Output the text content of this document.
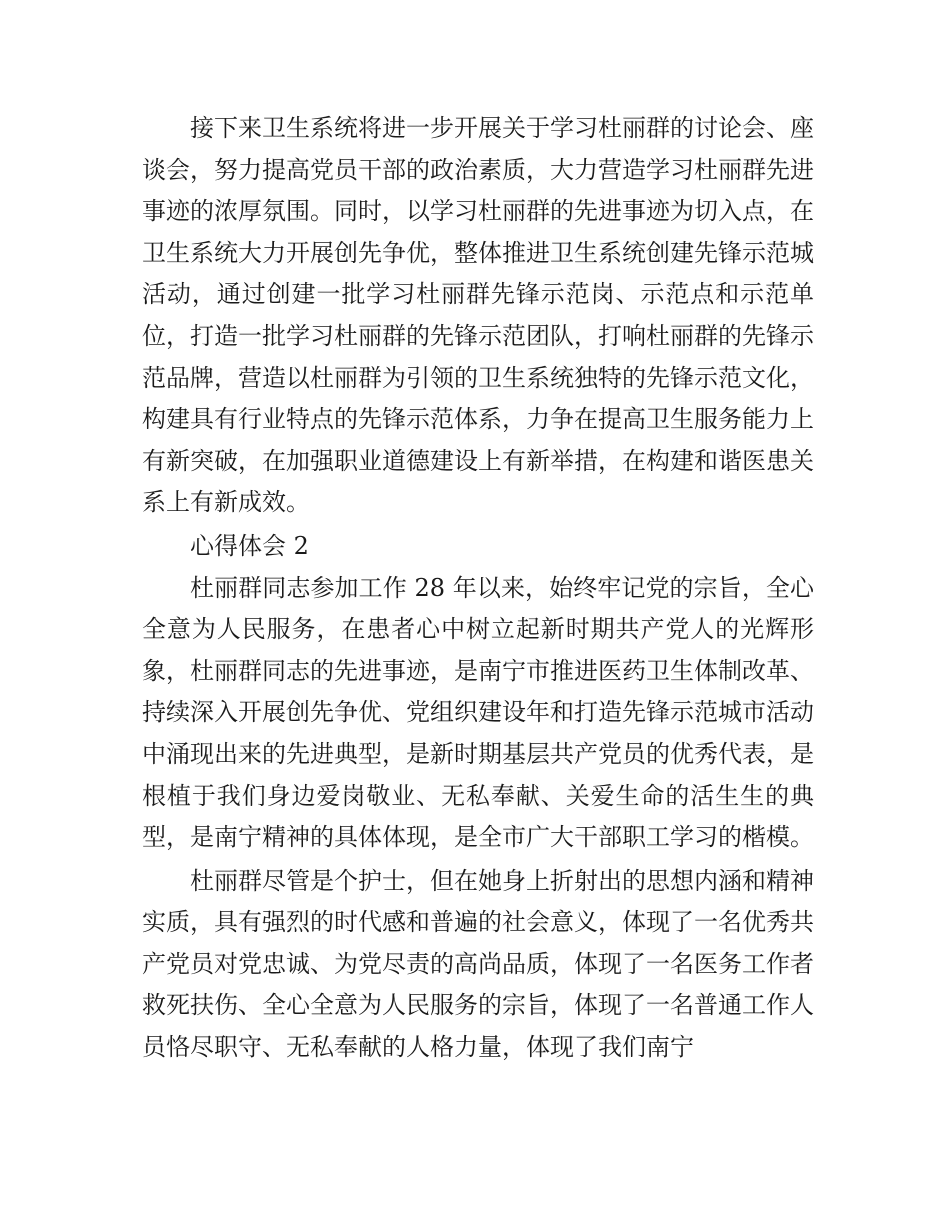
接下来卫生系统将进一步开展关于学习杜丽群的讨论会、座谈会，努力提高党员干部的政治素质，大力营造学习杜丽群先进事迹的浓厚氛围。同时，以学习杜丽群的先进事迹为切入点，在卫生系统大力开展创先争优，整体推进卫生系统创建先锋示范城活动，通过创建一批学习杜丽群先锋示范岗、示范点和示范单位，打造一批学习杜丽群的先锋示范团队，打响杜丽群的先锋示范品牌，营造以杜丽群为引领的卫生系统独特的先锋示范文化，构建具有行业特点的先锋示范体系，力争在提高卫生服务能力上有新突破，在加强职业道德建设上有新举措，在构建和谐医患关系上有新成效。

心得体会 2

杜丽群同志参加工作 28 年以来，始终牢记党的宗旨，全心全意为人民服务，在患者心中树立起新时期共产党人的光辉形象，杜丽群同志的先进事迹，是南宁市推进医药卫生体制改革、持续深入开展创先争优、党组织建设年和打造先锋示范城市活动中涌现出来的先进典型，是新时期基层共产党员的优秀代表，是根植于我们身边爱岗敬业、无私奉献、关爱生命的活生生的典型，是南宁精神的具体体现，是全市广大干部职工学习的楷模。

杜丽群尽管是个护士，但在她身上折射出的思想内涵和精神实质，具有强烈的时代感和普遍的社会意义，体现了一名优秀共产党员对党忠诚、为党尽责的高尚品质，体现了一名医务工作者救死扶伤、全心全意为人民服务的宗旨，体现了一名普通工作人员恪尽职守、无私奉献的人格力量，体现了我们南宁
